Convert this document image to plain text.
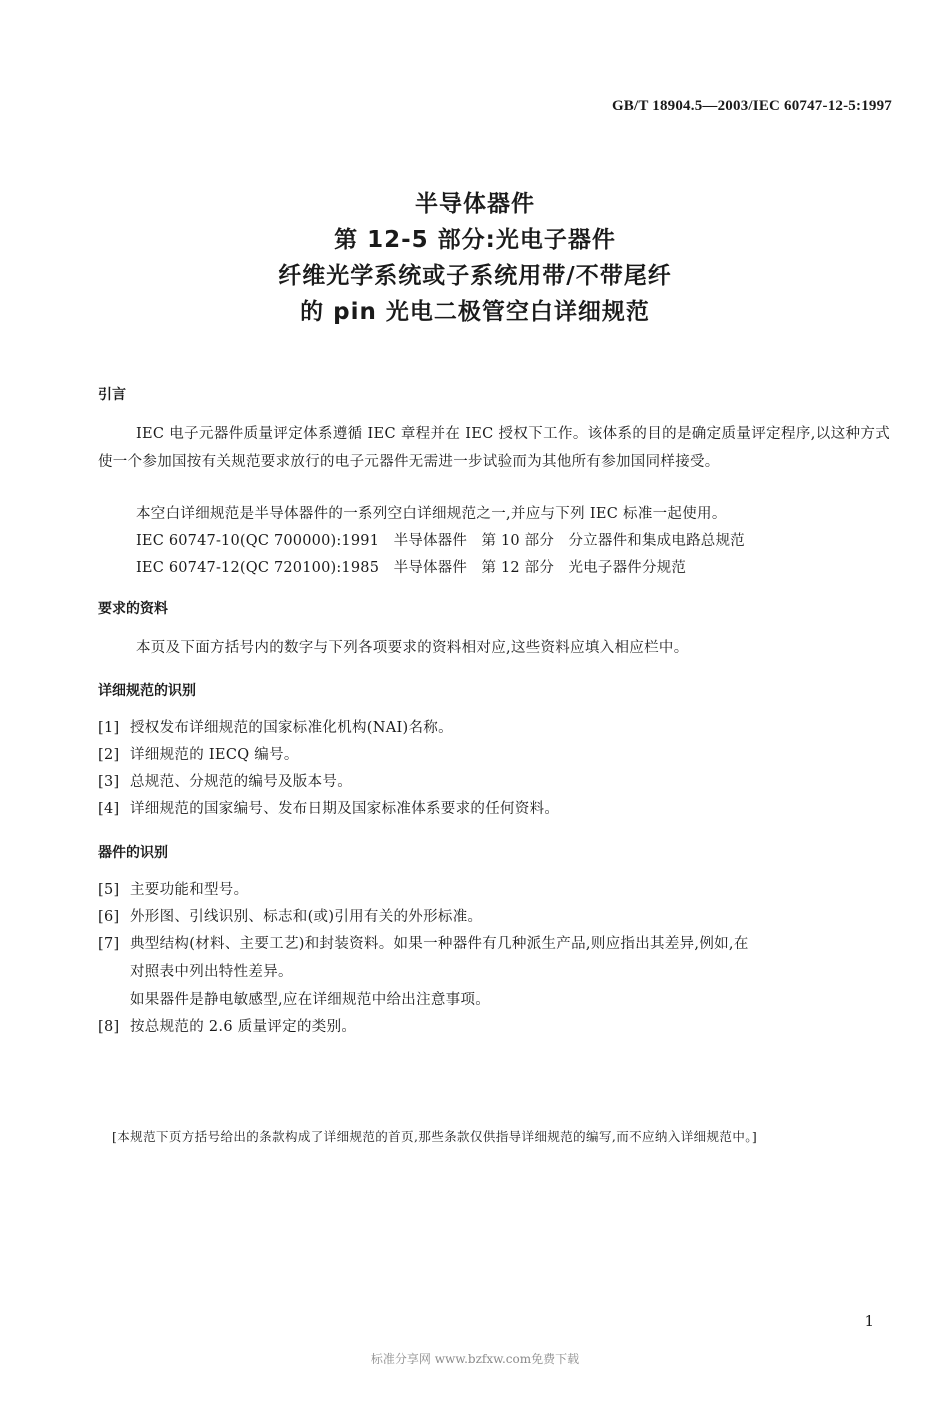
GB/T 18904.5—2003/IEC 60747-12-5:1997
半导体器件
第 12-5 部分:光电子器件
纤维光学系统或子系统用带/不带尾纤
的 pin 光电二极管空白详细规范
引言
IEC 电子元器件质量评定体系遵循 IEC 章程并在 IEC 授权下工作。该体系的目的是确定质量评定程序,以这种方式使一个参加国按有关规范要求放行的电子元器件无需进一步试验而为其他所有参加国同样接受。
本空白详细规范是半导体器件的一系列空白详细规范之一,并应与下列 IEC 标准一起使用。
IEC 60747-10(QC 700000):1991   半导体器件   第 10 部分   分立器件和集成电路总规范
IEC 60747-12(QC 720100):1985   半导体器件   第 12 部分   光电子器件分规范
要求的资料
本页及下面方括号内的数字与下列各项要求的资料相对应,这些资料应填入相应栏中。
详细规范的识别
[1] 授权发布详细规范的国家标准化机构(NAI)名称。
[2] 详细规范的 IECQ 编号。
[3] 总规范、分规范的编号及版本号。
[4] 详细规范的国家编号、发布日期及国家标准体系要求的任何资料。
器件的识别
[5] 主要功能和型号。
[6] 外形图、引线识别、标志和(或)引用有关的外形标准。
[7] 典型结构(材料、主要工艺)和封装资料。如果一种器件有几种派生产品,则应指出其差异,例如,在
对照表中列出特性差异。
如果器件是静电敏感型,应在详细规范中给出注意事项。
[8] 按总规范的 2.6 质量评定的类别。
[本规范下页方括号给出的条款构成了详细规范的首页,那些条款仅供指导详细规范的编写,而不应纳入详细规范中。]
1
标准分享网 www.bzfxw.com免费下载
